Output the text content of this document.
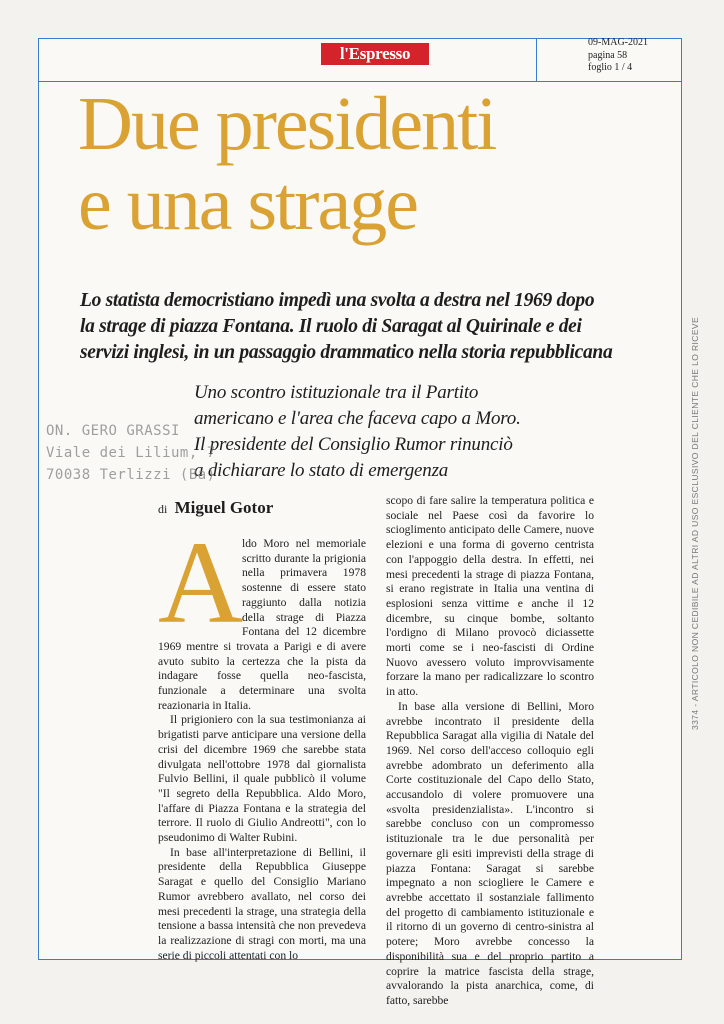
l'Espresso
09-MAG-2021
pagina 58
foglio 1 / 4
Due presidenti
e una strage
Lo statista democristiano impedì una svolta a destra nel 1969 dopo
la strage di piazza Fontana. Il ruolo di Saragat al Quirinale e dei
servizi inglesi, in un passaggio drammatico nella storia repubblicana
Uno scontro istituzionale tra il Partito
americano e l'area che faceva capo a Moro.
Il presidente del Consiglio Rumor rinunciò
a dichiarare lo stato di emergenza
ON. GERO GRASSI
Viale dei Lilium, 7
70038 Terlizzi (Ba)
di Miguel Gotor
A

ldo Moro nel memoriale scritto durante la prigionia nella primavera 1978 sostenne di essere stato raggiunto dalla notizia della strage di Piazza Fontana del 12 dicembre 1969 mentre si trovata a Parigi e di avere avuto subito la certezza che la pista da indagare fosse quella neo-fascista, funzionale a determinare una svolta reazionaria in Italia.

Il prigioniero con la sua testimonianza ai brigatisti parve anticipare una versione della crisi del dicembre 1969 che sarebbe stata divulgata nell'ottobre 1978 dal giornalista Fulvio Bellini, il quale pubblicò il volume "Il segreto della Repubblica. Aldo Moro, l'affare di Piazza Fontana e la strategia del terrore. Il ruolo di Giulio Andreotti", con lo pseudonimo di Walter Rubini.

In base all'interpretazione di Bellini, il presidente della Repubblica Giuseppe Saragat e quello del Consiglio Mariano Rumor avrebbero avallato, nel corso dei mesi precedenti la strage, una strategia della tensione a bassa intensità che non prevedeva la realizzazione di stragi con morti, ma una serie di piccoli attentati con lo

scopo di fare salire la temperatura politica e sociale nel Paese così da favorire lo scioglimento anticipato delle Camere, nuove elezioni e una forma di governo centrista con l'appoggio della destra. In effetti, nei mesi precedenti la strage di piazza Fontana, si erano registrate in Italia una ventina di esplosioni senza vittime e anche il 12 dicembre, su cinque bombe, soltanto l'ordigno di Milano provocò diciassette morti come se i neo-fascisti di Ordine Nuovo avessero voluto improvvisamente forzare la mano per radicalizzare lo scontro in atto.

In base alla versione di Bellini, Moro avrebbe incontrato il presidente della Repubblica Saragat alla vigilia di Natale del 1969. Nel corso dell'acceso colloquio egli avrebbe adombrato un deferimento alla Corte costituzionale del Capo dello Stato, accusandolo di volere promuovere una «svolta presidenzialista». L'incontro si sarebbe concluso con un compromesso istituzionale tra le due personalità per governare gli esiti imprevisti della strage di piazza Fontana: Saragat si sarebbe impegnato a non sciogliere le Camere e avrebbe accettato il sostanziale fallimento del progetto di cambiamento istituzionale e il ritorno di un governo di centro-sinistra al potere; Moro avrebbe concesso la disponibilità sua e del proprio partito a coprire la matrice fascista della strage, avvalorando la pista anarchica, come, di fatto, sarebbe

3374 - ARTICOLO NON CEDIBILE AD ALTRI AD USO ESCLUSIVO DEL CLIENTE CHE LO RICEVE
